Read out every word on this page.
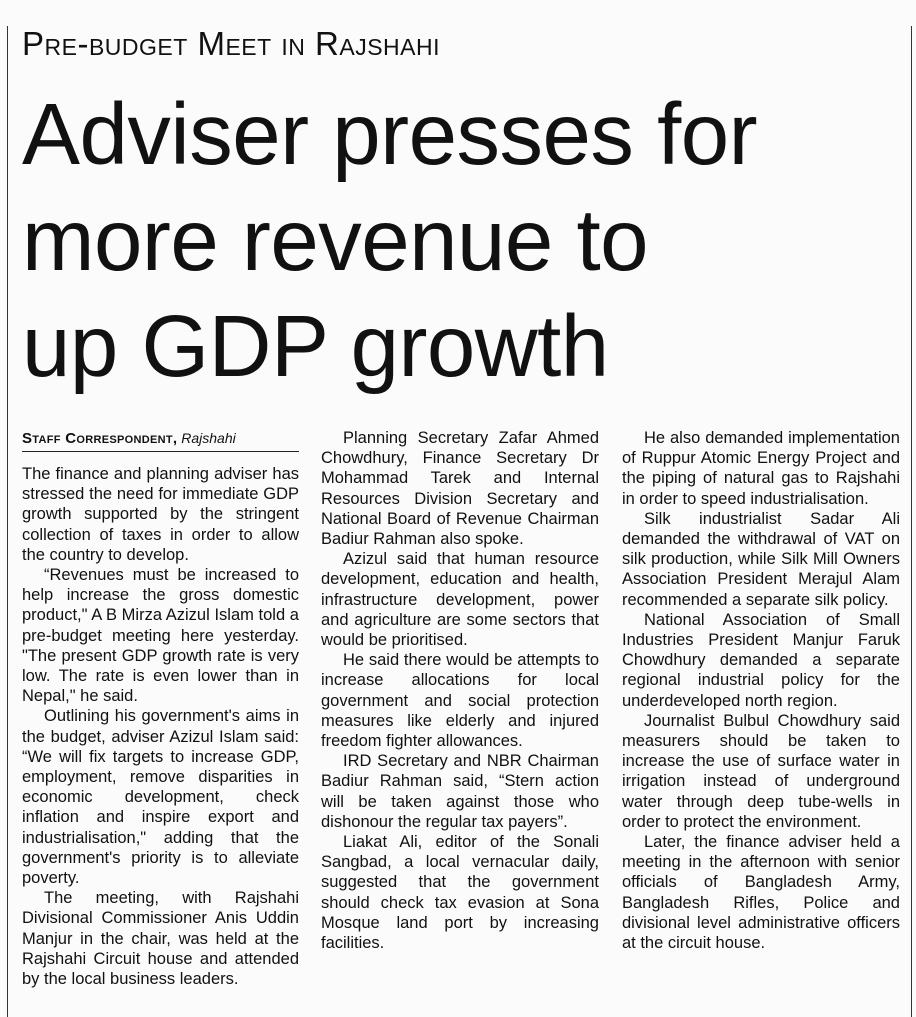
Pre-budget Meet in Rajshahi
Adviser presses for
more revenue to
up GDP growth
Staff Correspondent, Rajshahi

The finance and planning adviser has stressed the need for immediate GDP growth supported by the stringent collection of taxes in order to allow the country to develop.

“Revenues must be increased to help increase the gross domestic product," A B Mirza Azizul Islam told a pre-budget meeting here yesterday. "The present GDP growth rate is very low. The rate is even lower than in Nepal," he said.

Outlining his government's aims in the budget, adviser Azizul Islam said: “We will fix targets to increase GDP, employment, remove disparities in economic development, check inflation and inspire export and industrialisation," adding that the government's priority is to alleviate poverty.

The meeting, with Rajshahi Divisional Commissioner Anis Uddin Manjur in the chair, was held at the Rajshahi Circuit house and attended by the local business leaders.

Planning Secretary Zafar Ahmed Chowdhury, Finance Secretary Dr Mohammad Tarek and Internal Resources Division Secretary and National Board of Revenue Chairman Badiur Rahman also spoke.

Azizul said that human resource development, education and health, infrastructure development, power and agriculture are some sectors that would be prioritised.

He said there would be attempts to increase allocations for local government and social protection measures like elderly and injured freedom fighter allowances.

IRD Secretary and NBR Chairman Badiur Rahman said, “Stern action will be taken against those who dishonour the regular tax payers”.

Liakat Ali, editor of the Sonali Sangbad, a local vernacular daily, suggested that the government should check tax evasion at Sona Mosque land port by increasing facilities.

He also demanded implementation of Ruppur Atomic Energy Project and the piping of natural gas to Rajshahi in order to speed industrialisation.

Silk industrialist Sadar Ali demanded the withdrawal of VAT on silk production, while Silk Mill Owners Association President Merajul Alam recommended a separate silk policy.

National Association of Small Industries President Manjur Faruk Chowdhury demanded a separate regional industrial policy for the underdeveloped north region.

Journalist Bulbul Chowdhury said measurers should be taken to increase the use of surface water in irrigation instead of underground water through deep tube-wells in order to protect the environment.

Later, the finance adviser held a meeting in the afternoon with senior officials of Bangladesh Army, Bangladesh Rifles, Police and divisional level administrative officers at the circuit house.
